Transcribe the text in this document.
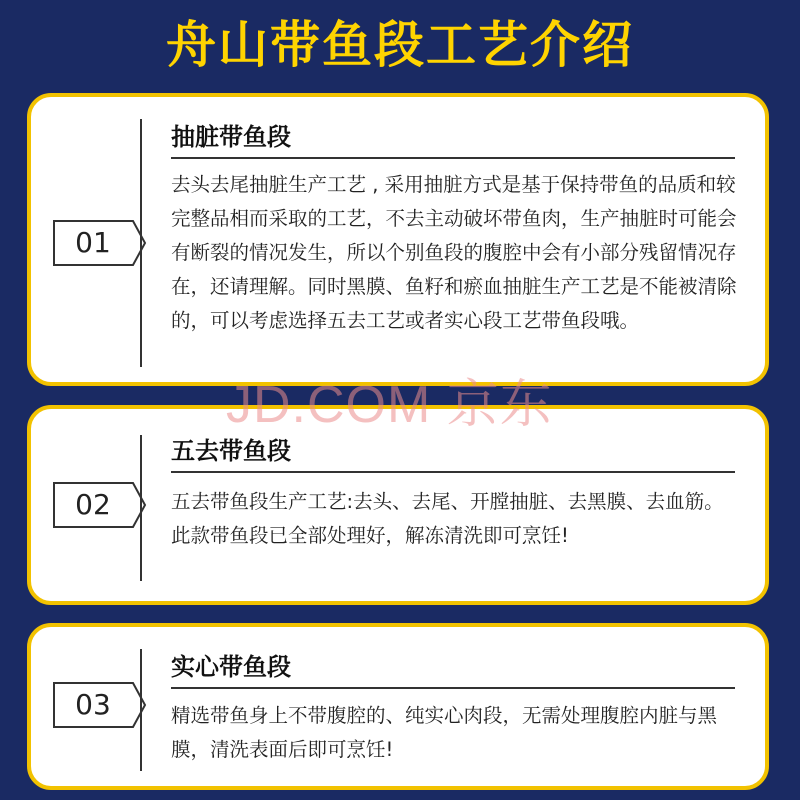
舟山带鱼段工艺介绍
01
抽脏带鱼段
去头去尾抽脏生产工艺 , 采用抽脏方式是基于保持带鱼的品质和较完整品相而采取的工艺，不去主动破坏带鱼肉，生产抽脏时可能会有断裂的情况发生，所以个别鱼段的腹腔中会有小部分残留情况存在，还请理解。同时黑膜、鱼籽和瘀血抽脏生产工艺是不能被清除的，可以考虑选择五去工艺或者实心段工艺带鱼段哦。
02
五去带鱼段
五去带鱼段生产工艺:去头、去尾、开膛抽脏、去黑膜、去血筋。此款带鱼段已全部处理好，解冻清洗即可烹饪!
03
实心带鱼段
精选带鱼身上不带腹腔的、纯实心肉段，无需处理腹腔内脏与黑膜，清洗表面后即可烹饪!
JD.COM 京东
